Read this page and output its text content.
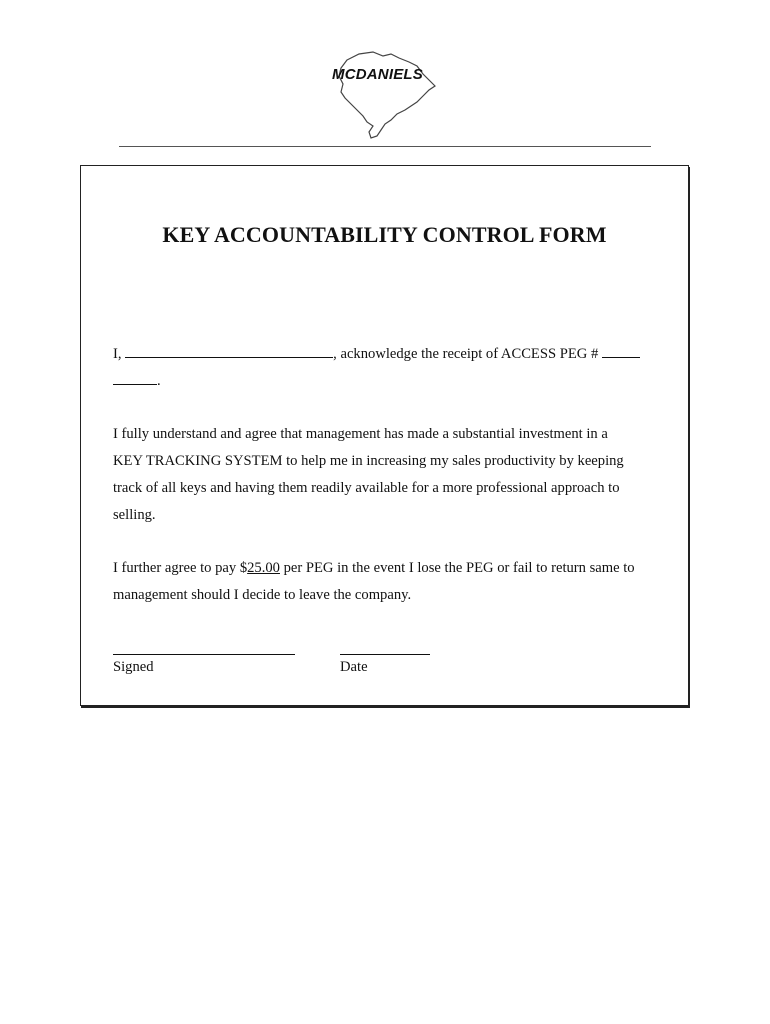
MCDANIELS
KEY ACCOUNTABILITY CONTROL FORM
I,	, acknowledge the receipt of ACCESS PEG #
.
I fully understand and agree that management has made a substantial investment in a
KEY TRACKING SYSTEM to help me in increasing my sales productivity by keeping
track of all keys and having them readily available for a more professional approach to
selling.
I further agree to pay $25.00 per PEG in the event I lose the PEG or fail to return same to
management should I decide to leave the company.
Signed	Date
